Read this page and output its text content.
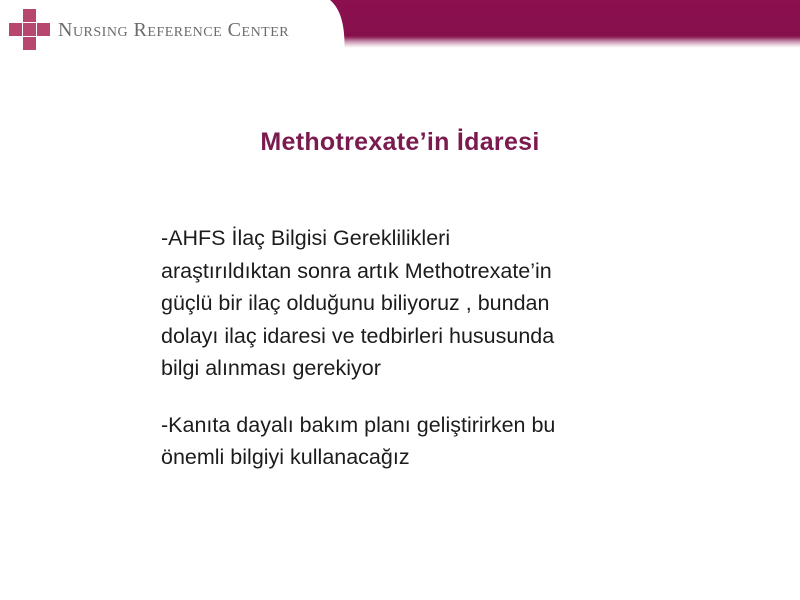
Nursing Reference Center
Methotrexate’in İdaresi

-AHFS İlaç Bilgisi Gereklilikleri
araştırıldıktan sonra artık Methotrexate’in
güçlü bir ilaç olduğunu biliyoruz , bundan
dolayı ilaç idaresi ve tedbirleri hususunda
bilgi alınması gerekiyor

-Kanıta dayalı bakım planı geliştirirken bu
önemli bilgiyi kullanacağız
